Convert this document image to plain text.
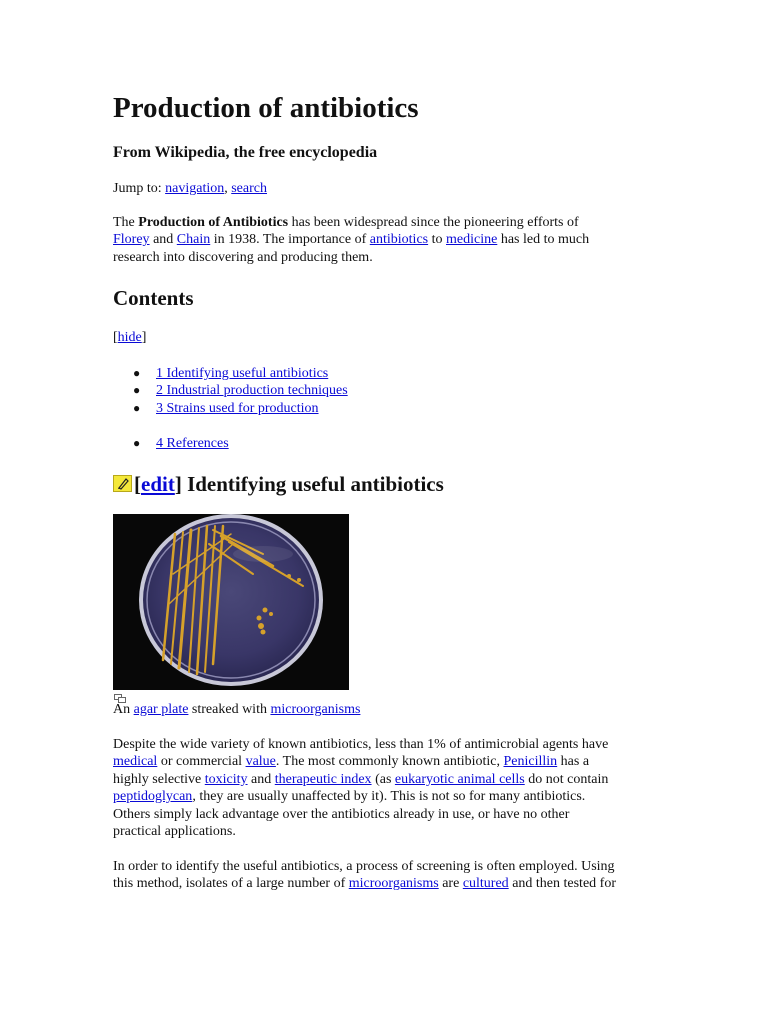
Production of antibiotics
From Wikipedia, the free encyclopedia
Jump to: navigation, search
The Production of Antibiotics has been widespread since the pioneering efforts of
Florey and Chain in 1938. The importance of antibiotics to medicine has led to much
research into discovering and producing them.
Contents
[hide]
● 1 Identifying useful antibiotics
● 2 Industrial production techniques
● 3 Strains used for production
● 4 References
[edit] Identifying useful antibiotics
An agar plate streaked with microorganisms
Despite the wide variety of known antibiotics, less than 1% of antimicrobial agents have
medical or commercial value. The most commonly known antibiotic, Penicillin has a
highly selective toxicity and therapeutic index (as eukaryotic animal cells do not contain
peptidoglycan, they are usually unaffected by it). This is not so for many antibiotics.
Others simply lack advantage over the antibiotics already in use, or have no other
practical applications.
In order to identify the useful antibiotics, a process of screening is often employed. Using
this method, isolates of a large number of microorganisms are cultured and then tested for
